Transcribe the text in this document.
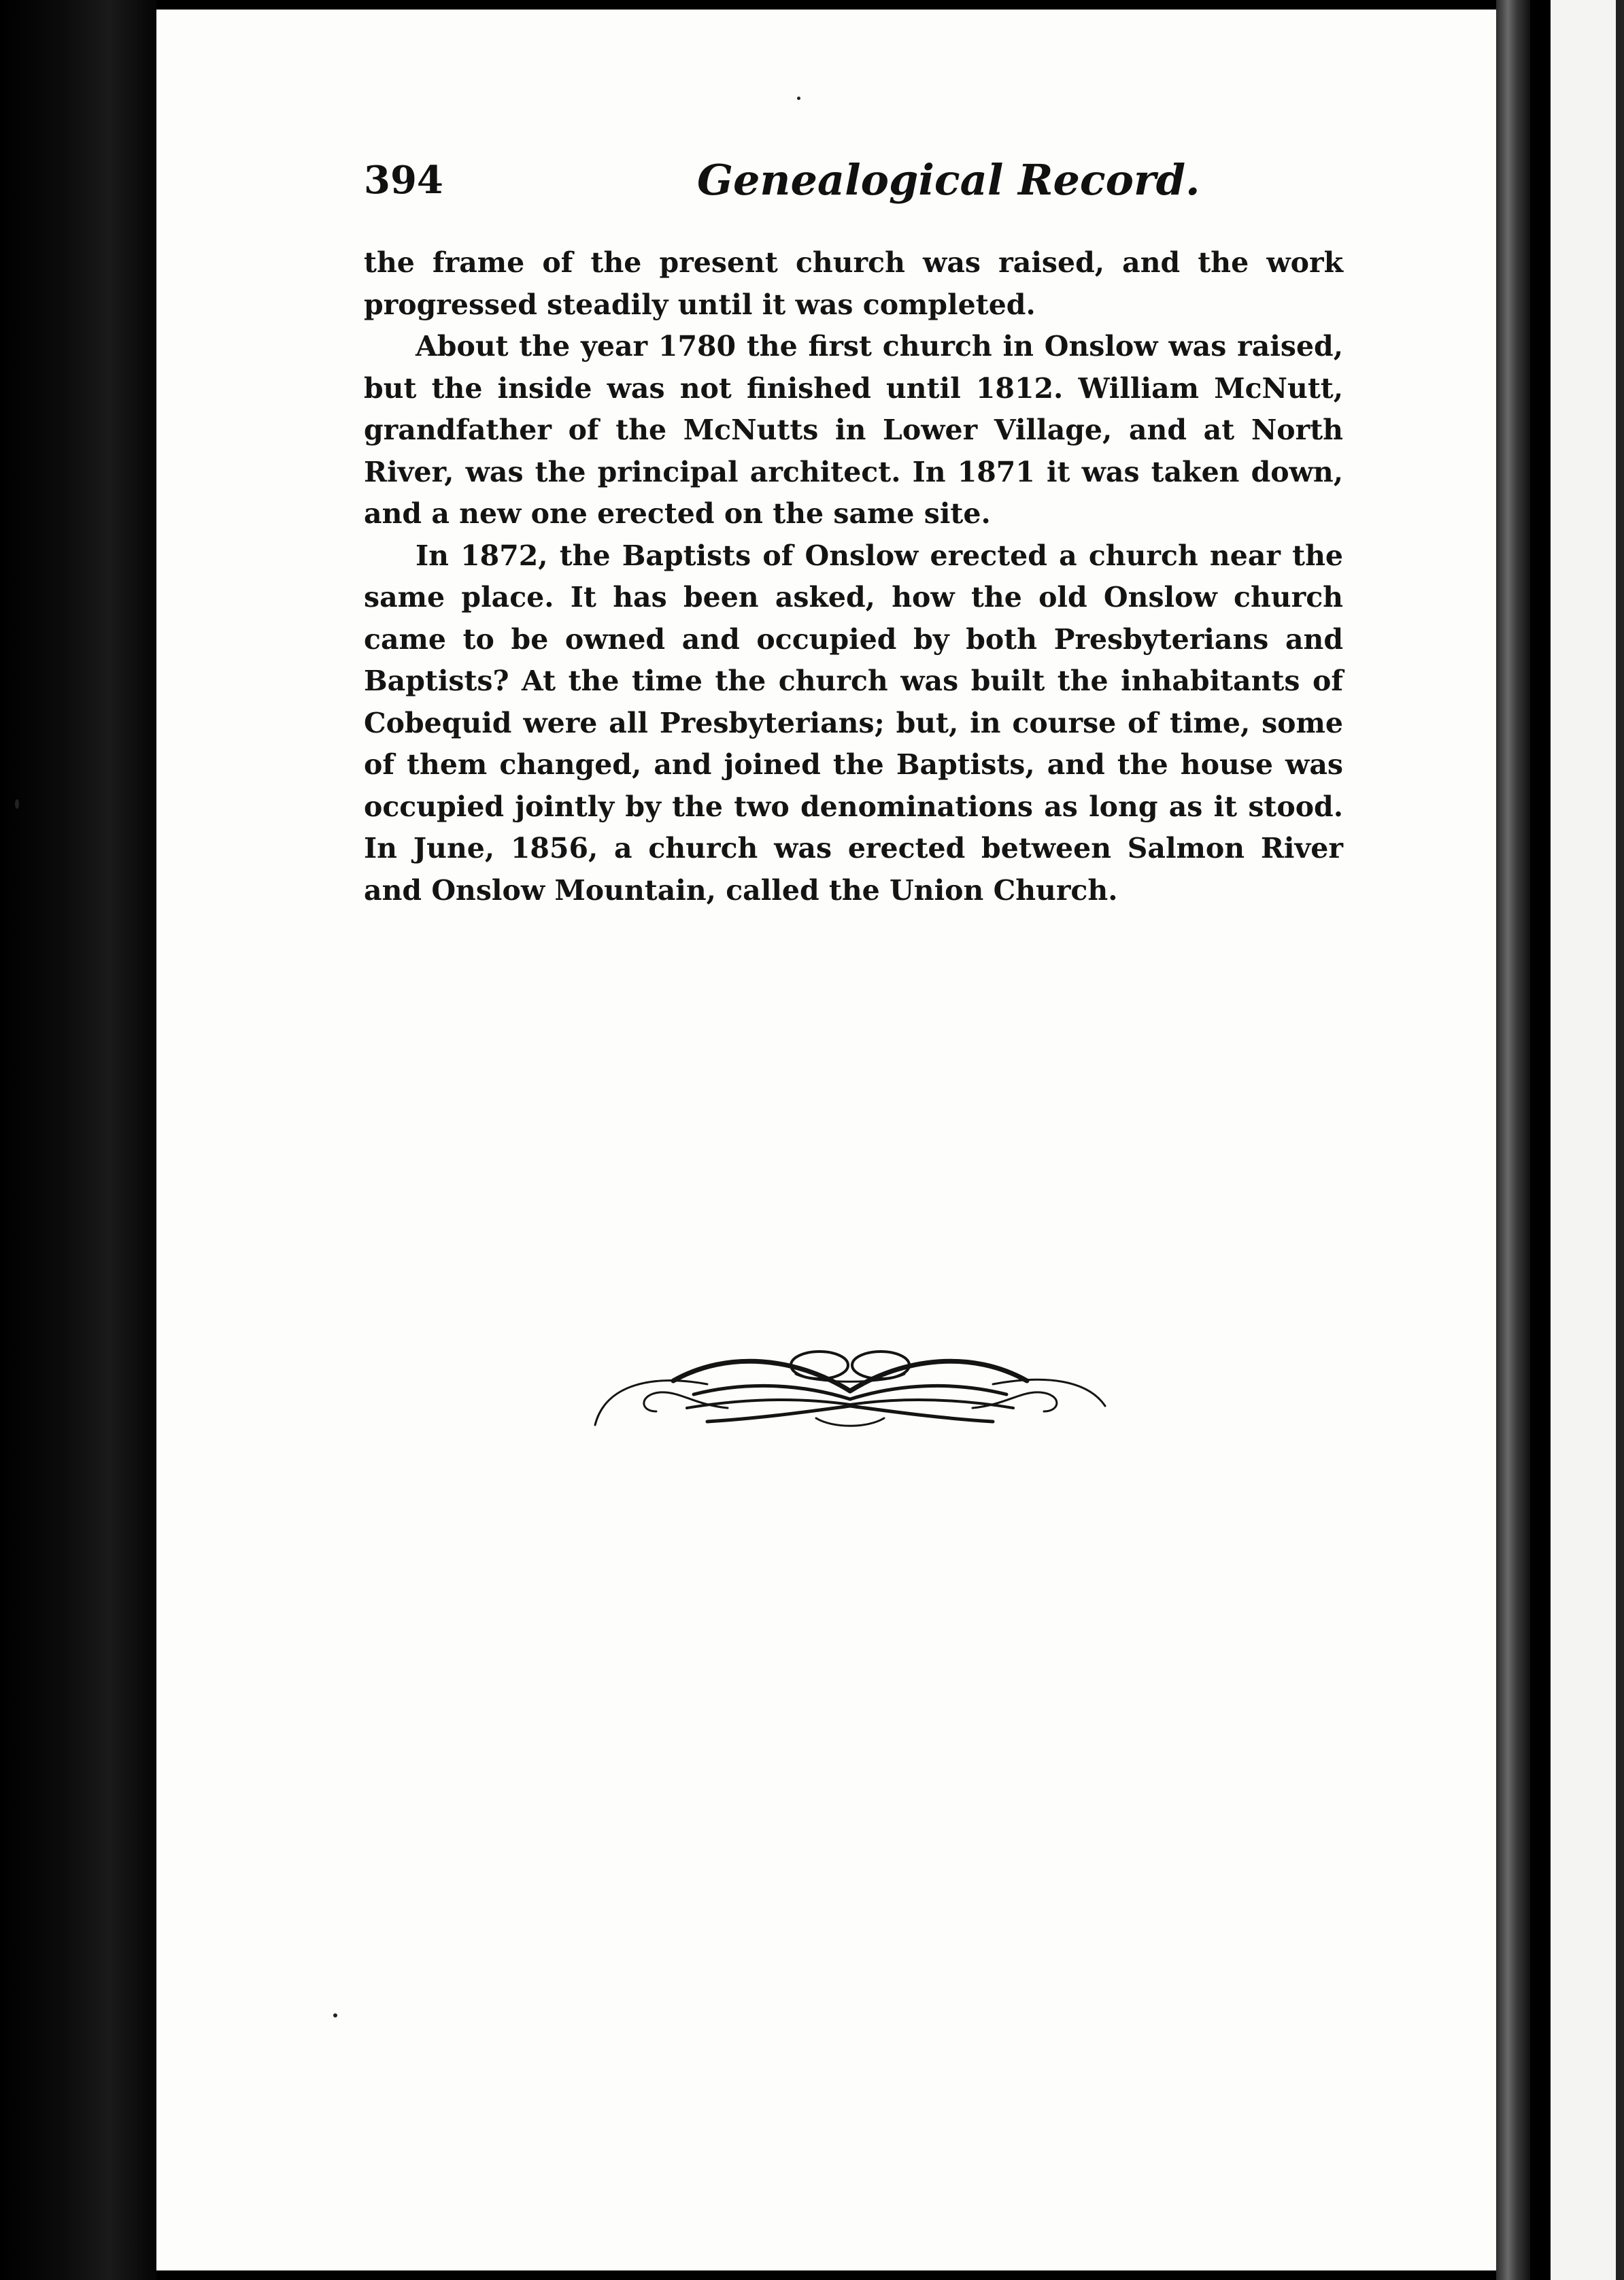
394	Genealogical Record.

the frame of the present church was raised, and the work progressed steadily until it was completed.

About the year 1780 the first church in Onslow was raised, but the inside was not finished until 1812. William McNutt, grandfather of the McNutts in Lower Village, and at North River, was the principal architect. In 1871 it was taken down, and a new one erected on the same site.

In 1872, the Baptists of Onslow erected a church near the same place. It has been asked, how the old Onslow church came to be owned and occupied by both Presbyterians and Baptists? At the time the church was built the inhabitants of Cobequid were all Presbyterians; but, in course of time, some of them changed, and joined the Baptists, and the house was occupied jointly by the two denominations as long as it stood. In June, 1856, a church was erected between Salmon River and Onslow Mountain, called the Union Church.
